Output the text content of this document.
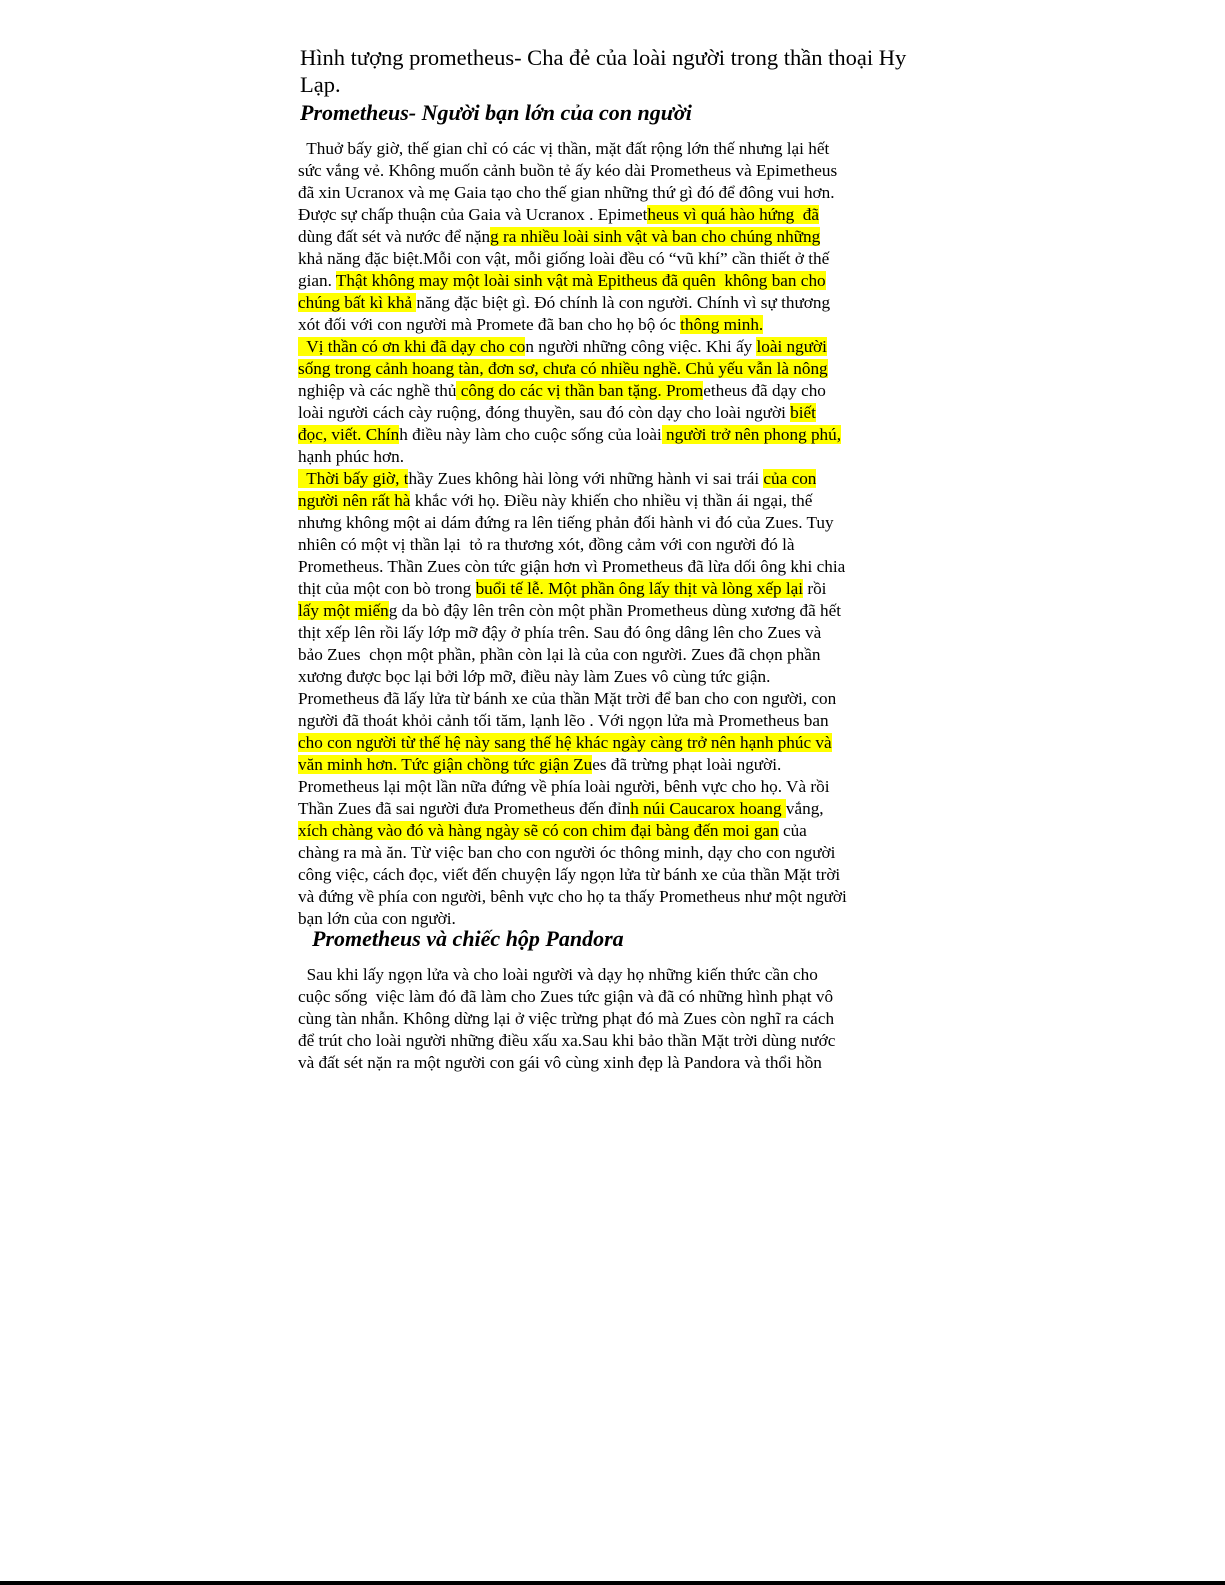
Hình tượng prometheus- Cha đẻ của loài người trong thần thoại Hy Lạp.
Prometheus- Người bạn lớn của con người
Thuở bấy giờ, thế gian chỉ có các vị thần, mặt đất rộng lớn thế nhưng lại hết
sức vắng vẻ. Không muốn cảnh buồn tẻ ấy kéo dài Prometheus và Epimetheus
đã xin Ucranox và mẹ Gaia tạo cho thế gian những thứ gì đó để đông vui hơn.
Được sự chấp thuận của Gaia và Ucranox . Epimetheus vì quá hào hứng  đã
dùng đất sét và nước để nặng ra nhiều loài sinh vật và ban cho chúng những
khả năng đặc biệt.Mỗi con vật, mỗi giống loài đều có “vũ khí” cần thiết ở thế
gian. Thật không may một loài sinh vật mà Epitheus đã quên  không ban cho
chúng bất kì khả năng đặc biệt gì. Đó chính là con người. Chính vì sự thương
xót đối với con người mà Promete đã ban cho họ bộ óc thông minh.
Vị thần có ơn khi đã dạy cho con người những công việc. Khi ấy loài người
sống trong cảnh hoang tàn, đơn sơ, chưa có nhiều nghề. Chủ yếu vẫn là nông
nghiệp và các nghề thủ công do các vị thần ban tặng. Prometheus đã dạy cho
loài người cách cày ruộng, đóng thuyền, sau đó còn dạy cho loài người biết
đọc, viết. Chính điều này làm cho cuộc sống của loài người trở nên phong phú,
hạnh phúc hơn.
Thời bấy giờ, thầy Zues không hài lòng với những hành vi sai trái của con
người nên rất hà khắc với họ. Điều này khiến cho nhiều vị thần ái ngại, thế
nhưng không một ai dám đứng ra lên tiếng phản đối hành vi đó của Zues. Tuy
nhiên có một vị thần lại  tỏ ra thương xót, đồng cảm với con người đó là
Prometheus. Thần Zues còn tức giận hơn vì Prometheus đã lừa dối ông khi chia
thịt của một con bò trong buổi tế lễ. Một phần ông lấy thịt và lòng xếp lại rồi
lấy một miếng da bò đậy lên trên còn một phần Prometheus dùng xương đã hết
thịt xếp lên rồi lấy lớp mỡ đậy ở phía trên. Sau đó ông dâng lên cho Zues và
bảo Zues  chọn một phần, phần còn lại là của con người. Zues đã chọn phần
xương được bọc lại bởi lớp mỡ, điều này làm Zues vô cùng tức giận.
Prometheus đã lấy lửa từ bánh xe của thần Mặt trời để ban cho con người, con
người đã thoát khỏi cảnh tối tăm, lạnh lẽo . Với ngọn lửa mà Prometheus ban
cho con người từ thế hệ này sang thế hệ khác ngày càng trở nên hạnh phúc và
văn minh hơn. Tức giận chồng tức giận Zues đã trừng phạt loài người.
Prometheus lại một lần nữa đứng về phía loài người, bênh vực cho họ. Và rồi
Thần Zues đã sai người đưa Prometheus đến đỉnh núi Caucarox hoang vắng,
xích chàng vào đó và hàng ngày sẽ có con chim đại bàng đến moi gan của
chàng ra mà ăn. Từ việc ban cho con người óc thông minh, dạy cho con người
công việc, cách đọc, viết đến chuyện lấy ngọn lửa từ bánh xe của thần Mặt trời
và đứng về phía con người, bênh vực cho họ ta thấy Prometheus như một người
bạn lớn của con người.
Prometheus và chiếc hộp Pandora
Sau khi lấy ngọn lửa và cho loài người và dạy họ những kiến thức cần cho
cuộc sống  việc làm đó đã làm cho Zues tức giận và đã có những hình phạt vô
cùng tàn nhẫn. Không dừng lại ở việc trừng phạt đó mà Zues còn nghĩ ra cách
để trút cho loài người những điều xấu xa.Sau khi bảo thần Mặt trời dùng nước
và đất sét nặn ra một người con gái vô cùng xinh đẹp là Pandora và thổi hồn
